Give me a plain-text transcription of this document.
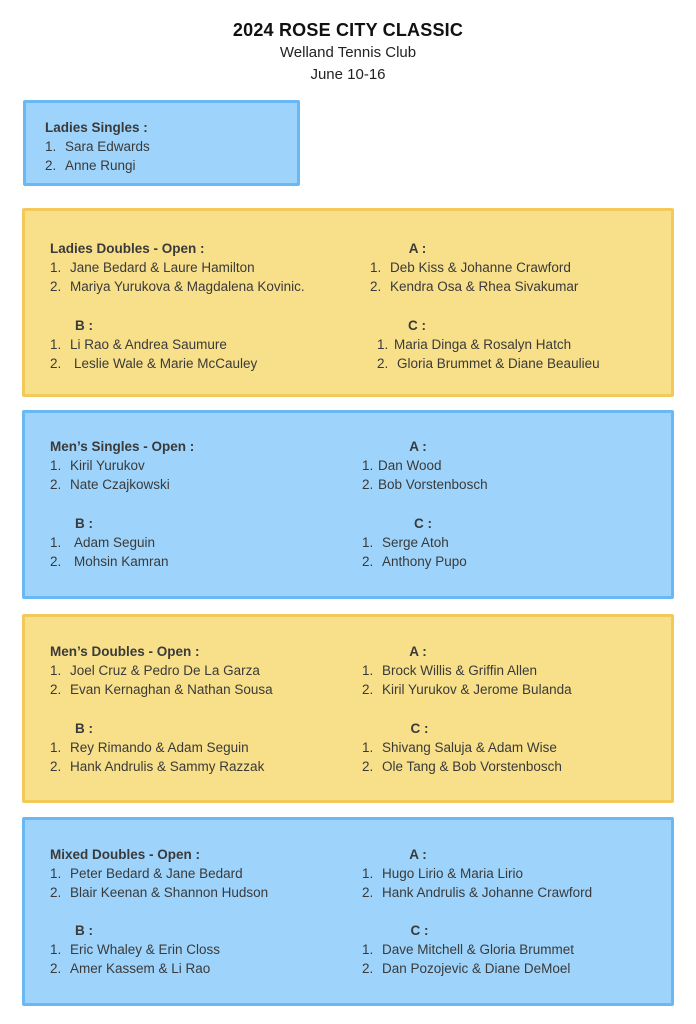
2024 ROSE CITY CLASSIC
Welland Tennis Club
June 10-16
Ladies Singles :
1. Sara Edwards
2. Anne Rungi
Ladies Doubles - Open :
1. Jane Bedard & Laure Hamilton
2. Mariya Yurukova & Magdalena Kovinic.
A :
1. Deb Kiss & Johanne Crawford
2. Kendra Osa & Rhea Sivakumar
B :
1. Li Rao & Andrea Saumure
2. Leslie Wale & Marie McCauley
C :
1. Maria Dinga & Rosalyn Hatch
2. Gloria Brummet & Diane Beaulieu
Men’s Singles - Open :
1. Kiril Yurukov
2. Nate Czajkowski
A :
1. Dan Wood
2. Bob Vorstenbosch
B :
1. Adam Seguin
2. Mohsin Kamran
C :
1. Serge Atoh
2. Anthony Pupo
Men’s Doubles - Open :
1. Joel Cruz & Pedro De La Garza
2. Evan Kernaghan & Nathan Sousa
A :
1. Brock Willis & Griffin Allen
2. Kiril Yurukov & Jerome Bulanda
B :
1. Rey Rimando & Adam Seguin
2. Hank Andrulis & Sammy Razzak
C :
1. Shivang Saluja & Adam Wise
2. Ole Tang & Bob Vorstenbosch
Mixed Doubles - Open :
1. Peter Bedard & Jane Bedard
2. Blair Keenan & Shannon Hudson
A :
1. Hugo Lirio & Maria Lirio
2. Hank Andrulis & Johanne Crawford
B :
1. Eric Whaley & Erin Closs
2. Amer Kassem & Li Rao
C :
1. Dave Mitchell & Gloria Brummet
2. Dan Pozojevic & Diane DeMoel
